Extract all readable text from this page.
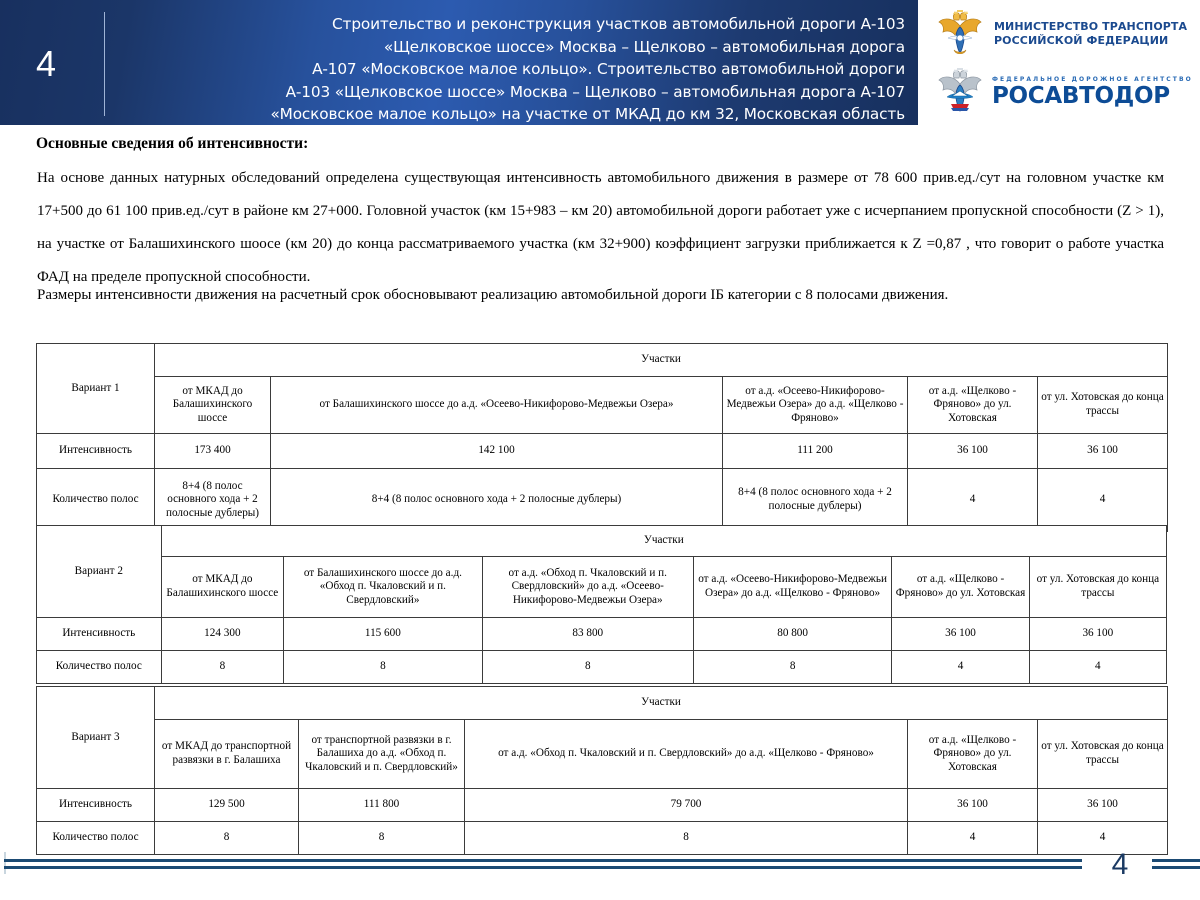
4
Строительство и реконструкция участков автомобильной дороги А-103
«Щелковское шоссе» Москва – Щелково – автомобильная дорога
А-107 «Московское малое кольцо». Строительство автомобильной дороги
А-103 «Щелковское шоссе» Москва – Щелково – автомобильная дорога А-107
«Московское малое кольцо» на участке от МКАД до км 32, Московская область
МИНИСТЕРСТВО ТРАНСПОРТА
РОССИЙСКОЙ ФЕДЕРАЦИИ
ФЕДЕРАЛЬНОЕ ДОРОЖНОЕ АГЕНТСТВО
РОСАВТОДОР
Основные сведения об интенсивности:
На основе данных натурных обследований определена существующая интенсивность автомобильного движения в размере от 78 600 прив.ед./сут на головном участке км 17+500 до 61 100 прив.ед./сут в районе км 27+000. Головной участок (км 15+983 – км 20) автомобильной дороги работает уже с исчерпанием пропускной способности (Z > 1), на участке от Балашихинского шоосе (км 20) до конца рассматриваемого участка (км 32+900) коэффициент загрузки приближается к Z =0,87 , что говорит о работе участка ФАД на пределе пропускной способности.
Размеры интенсивности движения на расчетный срок обосновывают реализацию автомобильной дороги IБ категории с 8 полосами движения.
Вариант 1	Участки				
	от МКАД до Балашихинского шоссе	от Балашихинского шоссе до а.д. «Осеево-Никифорово-Медвежьи Озера»	от а.д. «Осеево-Никифорово-Медвежьи Озера» до а.д. «Щелково - Фряново»	от а.д. «Щелково - Фряново» до ул. Хотовская	от ул. Хотовская до конца трассы
Интенсивность	173 400	142 100	111 200	36 100	36 100
Количество полос	8+4 (8 полос основного хода + 2 полосные дублеры)	8+4 (8 полос основного хода + 2 полосные дублеры)	8+4 (8 полос основного хода + 2 полосные дублеры)	4	4
Вариант 2	Участки					
	от МКАД до Балашихинского шоссе	от Балашихинского шоссе до а.д. «Обход п. Чкаловский и п. Свердловский»	от а.д. «Обход п. Чкаловский и п. Свердловский» до а.д. «Осеево-Никифорово-Медвежьи Озера»	от а.д. «Осеево-Никифорово-Медвежьи Озера» до а.д. «Щелково - Фряново»	от а.д. «Щелково - Фряново» до ул. Хотовская	от ул. Хотовская до конца трассы
Интенсивность	124 300	115 600	83 800	80 800	36 100	36 100
Количество полос	8	8	8	8	4	4
Вариант 3	Участки				
	от МКАД до транспортной развязки в г. Балашиха	от транспортной развязки в г. Балашиха до а.д. «Обход п. Чкаловский и п. Свердловский»	от а.д. «Обход п. Чкаловский и п. Свердловский» до а.д. «Щелково - Фряново»	от а.д. «Щелково - Фряново» до ул. Хотовская	от ул. Хотовская до конца трассы
Интенсивность	129 500	111 800	79 700	36 100	36 100
Количество полос	8	8	8	4	4
4
